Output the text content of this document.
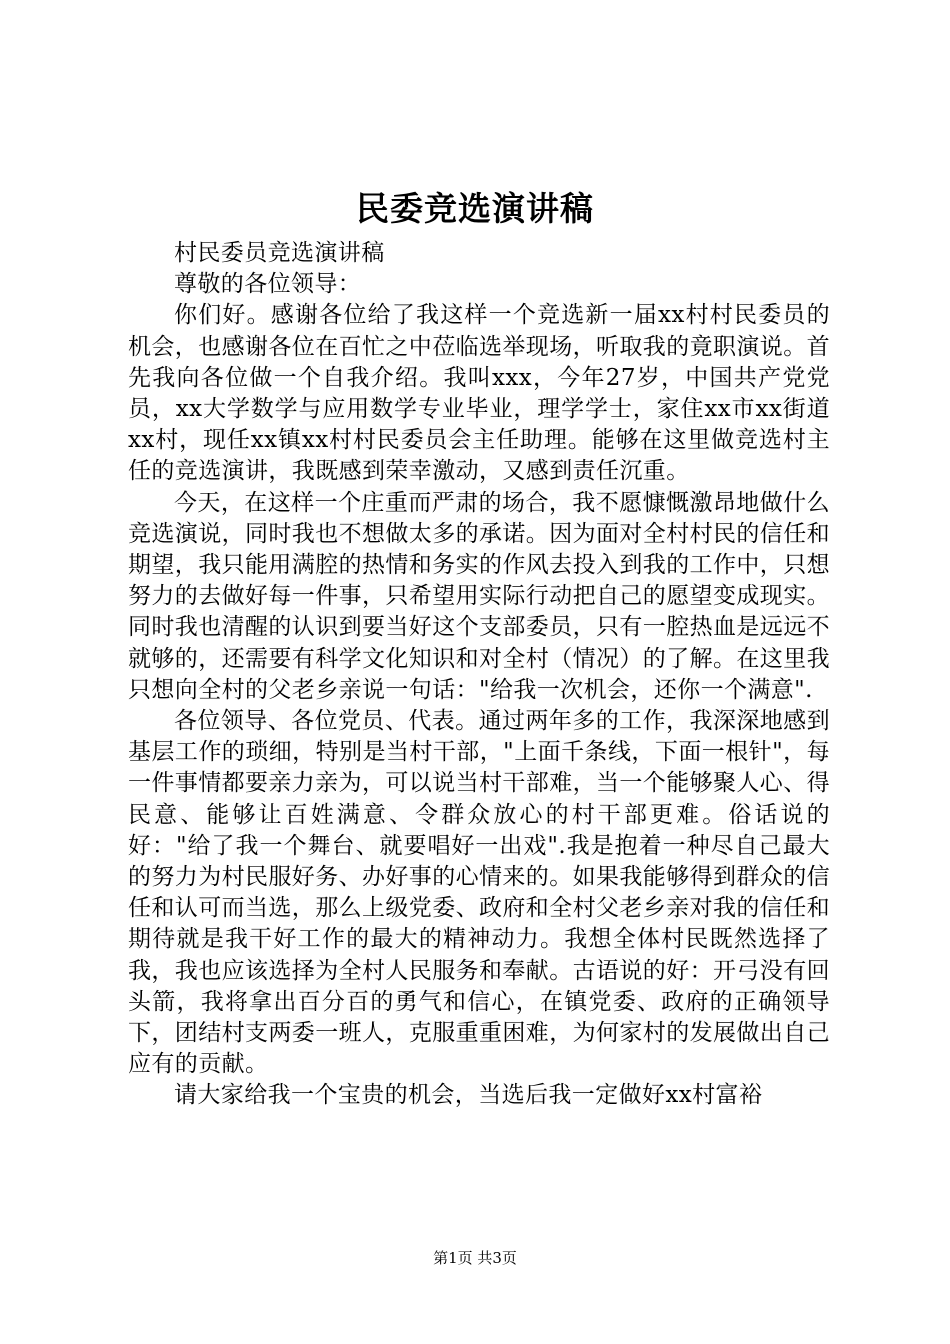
民委竞选演讲稿

村民委员竞选演讲稿

尊敬的各位领导：

你们好。感谢各位给了我这样一个竞选新一届xx村村民委员的机会，也感谢各位在百忙之中莅临选举现场，听取我的竟职演说。首先我向各位做一个自我介绍。我叫xxx，今年27岁，中国共产党党员，xx大学数学与应用数学专业毕业，理学学士，家住xx市xx街道xx村，现任xx镇xx村村民委员会主任助理。能够在这里做竞选村主任的竞选演讲，我既感到荣幸激动，又感到责任沉重。

今天，在这样一个庄重而严肃的场合，我不愿慷慨激昂地做什么竞选演说，同时我也不想做太多的承诺。因为面对全村村民的信任和期望，我只能用满腔的热情和务实的作风去投入到我的工作中，只想努力的去做好每一件事，只希望用实际行动把自己的愿望变成现实。同时我也清醒的认识到要当好这个支部委员，只有一腔热血是远远不就够的，还需要有科学文化知识和对全村（情况）的了解。在这里我只想向全村的父老乡亲说一句话："给我一次机会，还你一个满意".

各位领导、各位党员、代表。通过两年多的工作，我深深地感到基层工作的琐细，特别是当村干部，"上面千条线，下面一根针"，每一件事情都要亲力亲为，可以说当村干部难，当一个能够聚人心、得民意、能够让百姓满意、令群众放心的村干部更难。俗话说的好："给了我一个舞台、就要唱好一出戏".我是抱着一种尽自己最大的努力为村民服好务、办好事的心情来的。如果我能够得到群众的信任和认可而当选，那么上级党委、政府和全村父老乡亲对我的信任和期待就是我干好工作的最大的精神动力。我想全体村民既然选择了我，我也应该选择为全村人民服务和奉献。古语说的好：开弓没有回头箭，我将拿出百分百的勇气和信心，在镇党委、政府的正确领导下，团结村支两委一班人，克服重重困难，为何家村的发展做出自己应有的贡献。

请大家给我一个宝贵的机会，当选后我一定做好xx村富裕

第1页 共3页
